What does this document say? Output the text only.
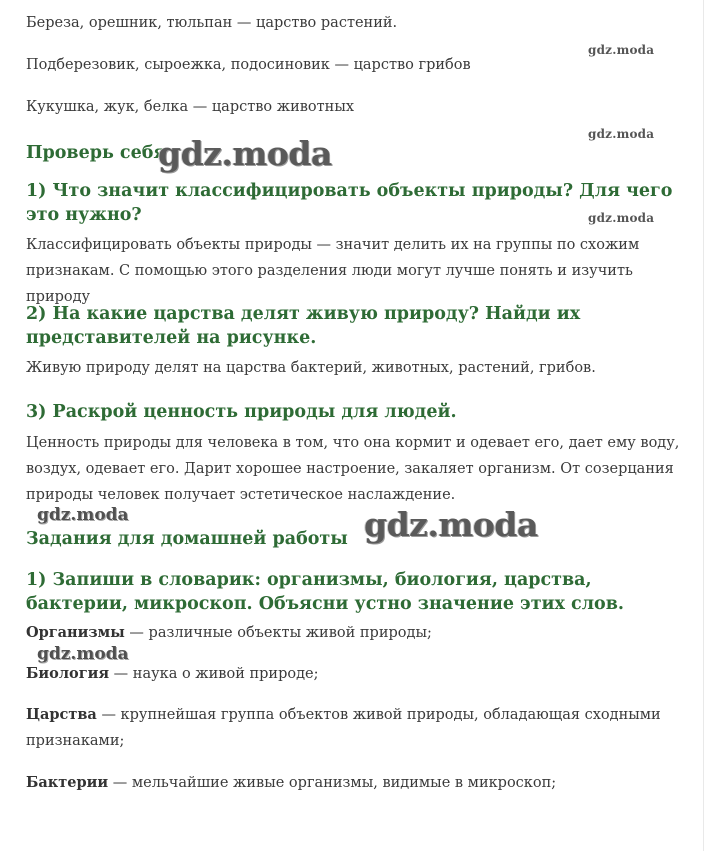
Береза, орешник, тюльпан — царство растений.
Подберезовик, сыроежка, подосиновик — царство грибов
Кукушка, жук, белка — царство животных
Проверь себя
1) Что значит классифицировать объекты природы? Для чего это нужно?
Классифицировать объекты природы — значит делить их на группы по схожим признакам. С помощью этого разделения люди могут лучше понять и изучить природу
2) На какие царства делят живую природу? Найди их представителей на рисунке.
Живую природу делят на царства бактерий, животных, растений, грибов.
3) Раскрой ценность природы для людей.
Ценность природы для человека в том, что она кормит и одевает его, дает ему воду, воздух, одевает его. Дарит хорошее настроение, закаляет организм. От созерцания природы человек получает эстетическое наслаждение.
Задания для домашней работы
1) Запиши в словарик: организмы, биология, царства, бактерии, микроскоп. Объясни устно значение этих слов.
Организмы — различные объекты живой природы;
Биология — наука о живой природе;
Царства — крупнейшая группа объектов живой природы, обладающая сходными признаками;
Бактерии — мельчайшие живые организмы, видимые в микроскоп;
gdz.moda
gdz.moda
gdz.moda
gdz.moda
gdz.moda	gdz.moda
gdz.moda
